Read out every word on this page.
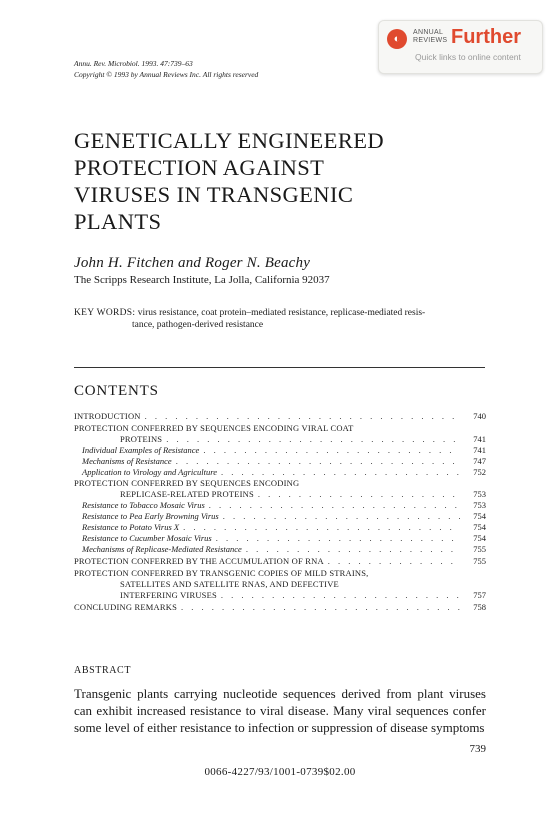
◐
ANNUAL
REVIEWS Further
Quick links to online content
Annu. Rev. Microbiol. 1993. 47:739–63
Copyright © 1993 by Annual Reviews Inc. All rights reserved
GENETICALLY ENGINEERED
PROTECTION AGAINST
VIRUSES IN TRANSGENIC
PLANTS
John H. Fitchen and Roger N. Beachy
The Scripps Research Institute, La Jolla, California 92037
KEY WORDS: virus resistance, coat protein–mediated resistance, replicase-mediated resis-
tance, pathogen-derived resistance
CONTENTS
INTRODUCTION . . .	740
PROTECTION CONFERRED BY SEQUENCES ENCODING VIRAL COAT
PROTEINS . . .	741
Individual Examples of Resistance . . .	741
Mechanisms of Resistance . . .	747
Application to Virology and Agriculture . . .	752
PROTECTION CONFERRED BY SEQUENCES ENCODING
REPLICASE-RELATED PROTEINS . . .	753
Resistance to Tobacco Mosaic Virus . . .	753
Resistance to Pea Early Browning Virus . . .	754
Resistance to Potato Virus X . . .	754
Resistance to Cucumber Mosaic Virus . . .	754
Mechanisms of Replicase-Mediated Resistance . . .	755
PROTECTION CONFERRED BY THE ACCUMULATION OF RNA . . .	755
PROTECTION CONFERRED BY TRANSGENIC COPIES OF MILD STRAINS,
SATELLITES AND SATELLITE RNAS, AND DEFECTIVE
INTERFERING VIRUSES . . .	757
CONCLUDING REMARKS . . .	758
ABSTRACT

Transgenic plants carrying nucleotide sequences derived from plant viruses can exhibit increased resistance to viral disease. Many viral sequences confer some level of either resistance to infection or suppression of disease symptoms

739
0066-4227/93/1001-0739$02.00
